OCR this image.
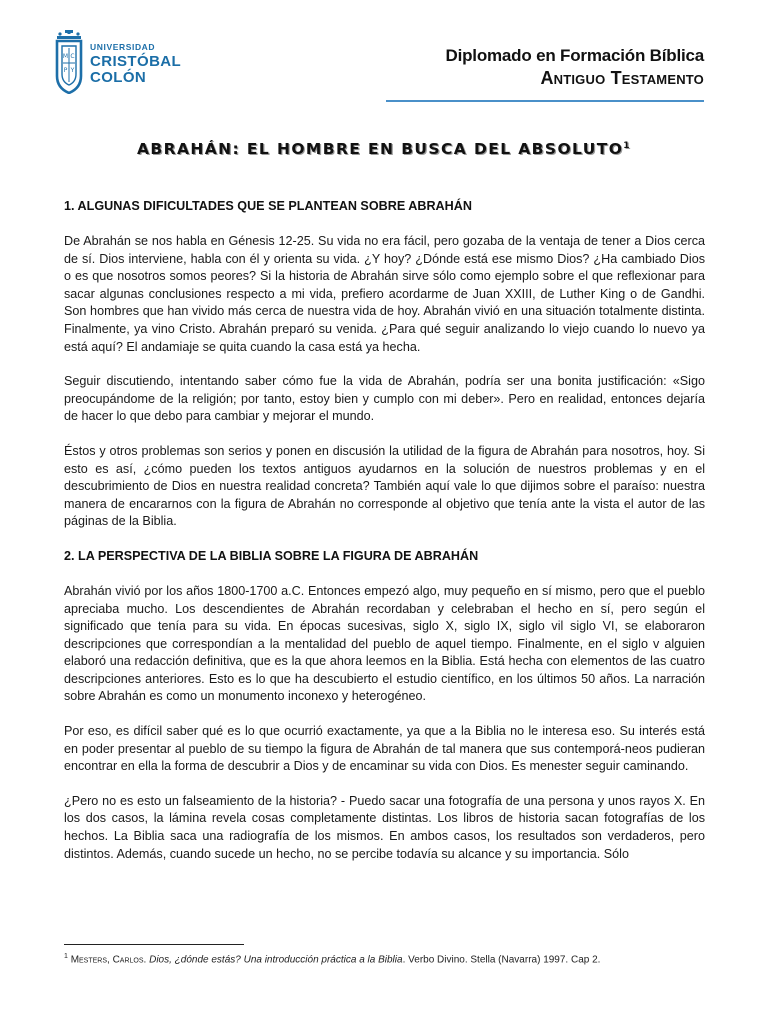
M C
P Y
UNIVERSIDAD
CRISTÓBAL
COLÓN
Diplomado en Formación Bíblica
Antiguo Testamento
ABRAHÁN: EL HOMBRE EN BUSCA DEL ABSOLUTO$^1$
1. ALGUNAS DIFICULTADES QUE SE PLANTEAN SOBRE ABRAHÁN

De Abrahán se nos habla en Génesis 12-25. Su vida no era fácil, pero gozaba de la ventaja de tener a Dios cerca de sí. Dios interviene, habla con él y orienta su vida. ¿Y hoy? ¿Dónde está ese mismo Dios? ¿Ha cambiado Dios o es que nosotros somos peores? Si la historia de Abrahán sirve sólo como ejemplo sobre el que reflexionar para sacar algunas conclusiones respecto a mi vida, prefiero acordarme de Juan XXIII, de Luther King o de Gandhi. Son hombres que han vivido más cerca de nuestra vida de hoy. Abrahán vivió en una situación totalmente distinta. Finalmente, ya vino Cristo. Abrahán preparó su venida. ¿Para qué seguir analizando lo viejo cuando lo nuevo ya está aquí? El andamiaje se quita cuando la casa está ya hecha.

Seguir discutiendo, intentando saber cómo fue la vida de Abrahán, podría ser una bonita justificación: «Sigo preocupándome de la religión; por tanto, estoy bien y cumplo con mi deber». Pero en realidad, entonces dejaría de hacer lo que debo para cambiar y mejorar el mundo.

Éstos y otros problemas son serios y ponen en discusión la utilidad de la figura de Abrahán para nosotros, hoy. Si esto es así, ¿cómo pueden los textos antiguos ayudarnos en la solución de nuestros problemas y en el descubrimiento de Dios en nuestra realidad concreta? También aquí vale lo que dijimos sobre el paraíso: nuestra manera de encararnos con la figura de Abrahán no corresponde al objetivo que tenía ante la vista el autor de las páginas de la Biblia.

2. LA PERSPECTIVA DE LA BIBLIA SOBRE LA FIGURA DE ABRAHÁN

Abrahán vivió por los años 1800-1700 a.C. Entonces empezó algo, muy pequeño en sí mismo, pero que el pueblo apreciaba mucho. Los descendientes de Abrahán recordaban y celebraban el hecho en sí, pero según el significado que tenía para su vida. En épocas sucesivas, siglo X, siglo IX, siglo vil siglo VI, se elaboraron descripciones que correspondían a la mentalidad del pueblo de aquel tiempo. Finalmente, en el siglo v alguien elaboró una redacción definitiva, que es la que ahora leemos en la Biblia. Está hecha con elementos de las cuatro descripciones anteriores. Esto es lo que ha descubierto el estudio científico, en los últimos 50 años. La narración sobre Abrahán es como un monumento inconexo y heterogéneo.

Por eso, es difícil saber qué es lo que ocurrió exactamente, ya que a la Biblia no le interesa eso. Su interés está en poder presentar al pueblo de su tiempo la figura de Abrahán de tal manera que sus contemporá-neos pudieran encontrar en ella la forma de descubrir a Dios y de encaminar su vida con Dios. Es menester seguir caminando.

¿Pero no es esto un falseamiento de la historia? - Puedo sacar una fotografía de una persona y unos rayos X. En los dos casos, la lámina revela cosas completamente distintas. Los libros de historia sacan fotografías de los hechos. La Biblia saca una radiografía de los mismos. En ambos casos, los resultados son verdaderos, pero distintos. Además, cuando sucede un hecho, no se percibe todavía su alcance y su importancia. Sólo

$^1$ Mesters, Carlos. Dios, ¿dónde estás? Una introducción práctica a la Biblia. Verbo Divino. Stella (Navarra) 1997. Cap 2.
